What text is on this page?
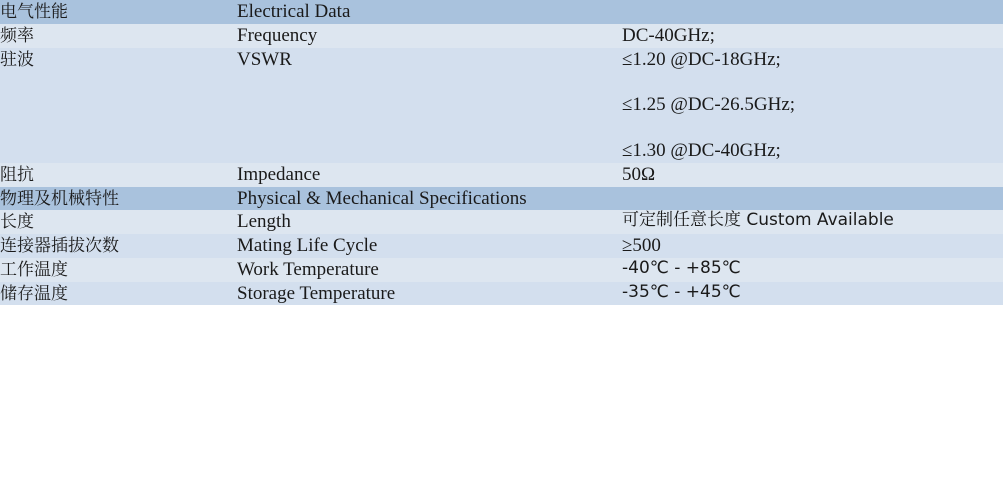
电气性能	Electrical Data	
频率	Frequency	DC-40GHz;

驻波	VSWR	≤1.20 @DC-18GHz;
≤1.25 @DC-26.5GHz;
≤1.30 @DC-40GHz;

阻抗	Impedance	50Ω

物理及机械特性	Physical & Mechanical Specifications	
长度	Length	可定制任意长度 Custom Available

连接器插拔次数	Mating Life Cycle	≥500

工作温度	Work Temperature	-40℃ - +85℃

储存温度	Storage Temperature	-35℃ - +45℃
